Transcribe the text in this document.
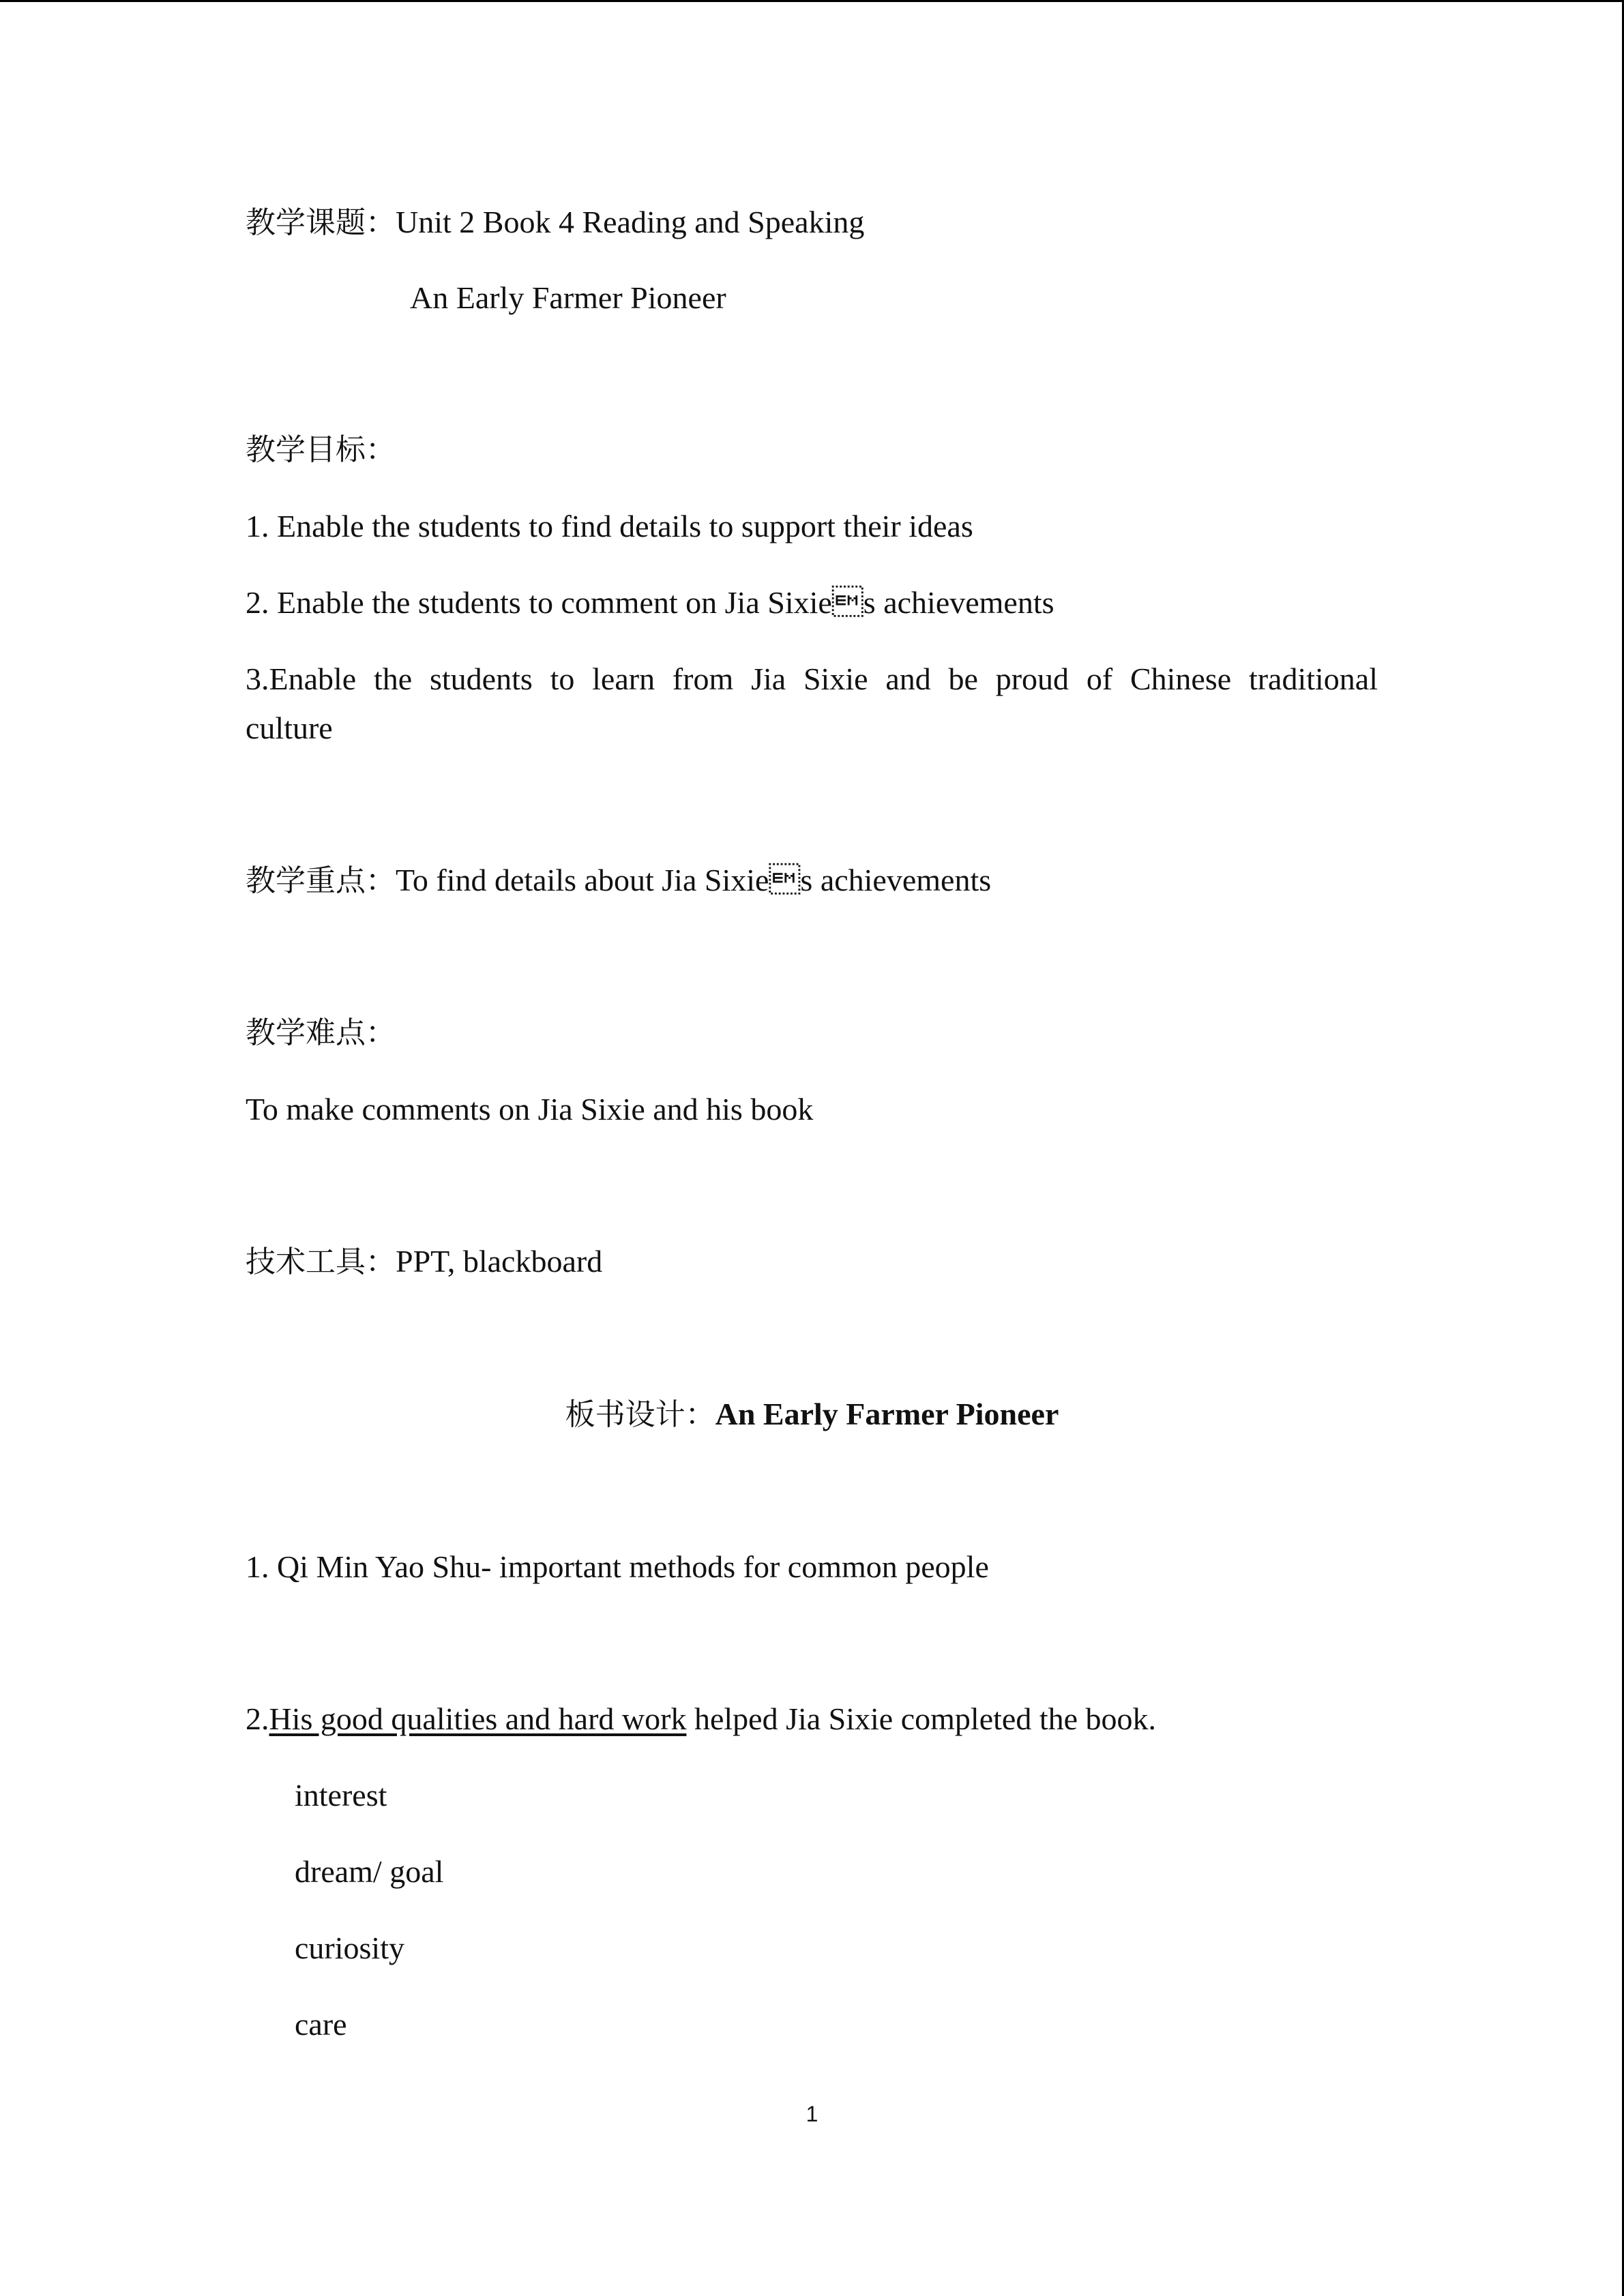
教学课题：Unit 2 Book 4 Reading and Speaking

An Early Farmer Pioneer

教学目标：

1. Enable the students to find details to support their ideas

2. Enable the students to comment on Jia Sixies achievements

3.Enable the students to learn from Jia Sixie and be proud of Chinese traditional

culture

教学重点：To find details about Jia Sixies achievements

教学难点：

To make comments on Jia Sixie and his book

技术工具：PPT, blackboard

板书设计：An Early Farmer Pioneer

1. Qi Min Yao Shu- important methods for common people

2.His good qualities and hard work helped Jia Sixie completed the book.

interest

dream/ goal

curiosity

care

1
